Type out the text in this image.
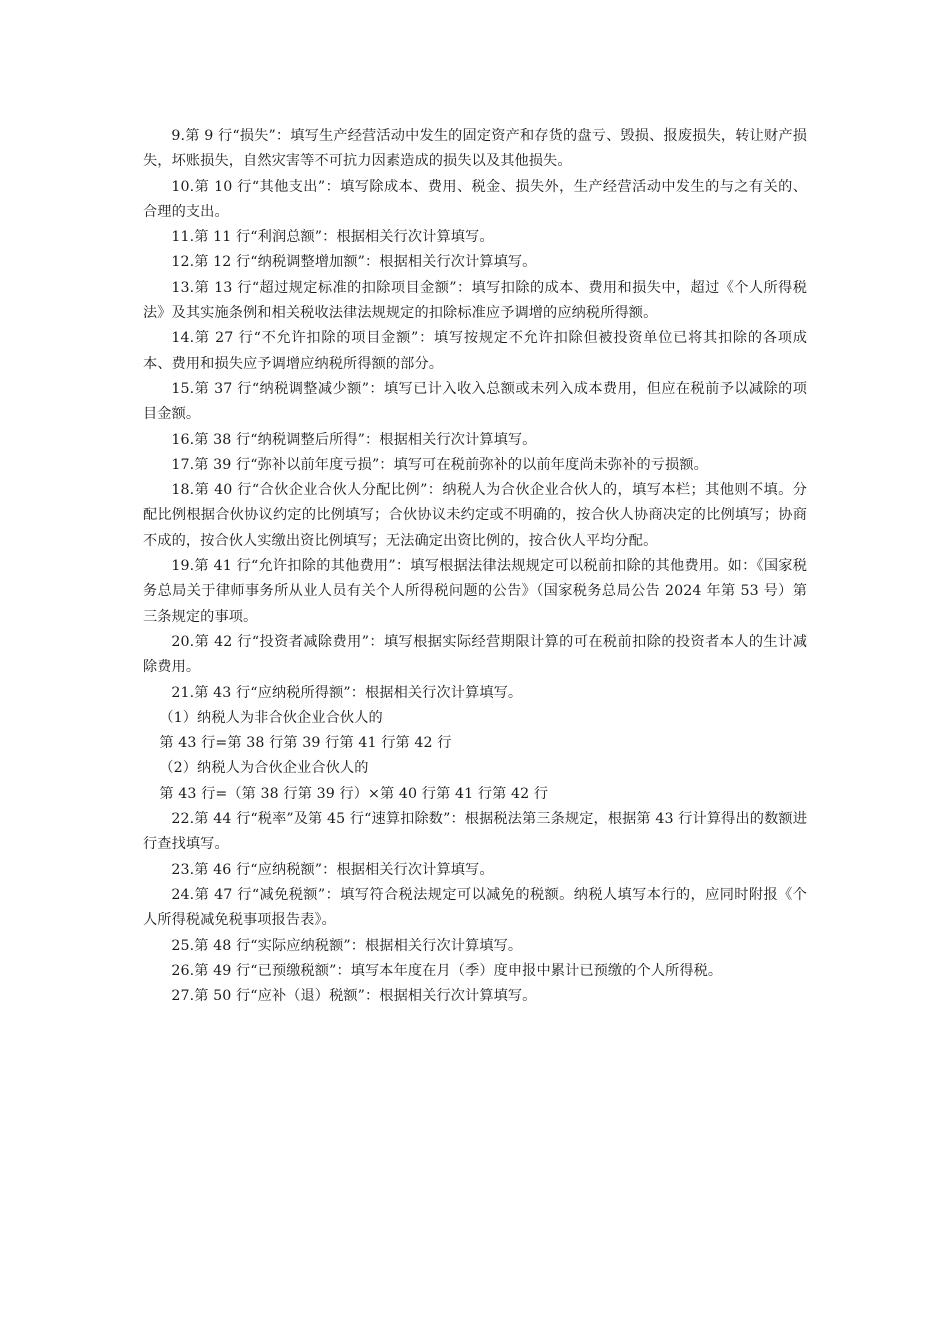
9.第 9 行“损失”：填写生产经营活动中发生的固定资产和存货的盘亏、毁损、报废损失，转让财产损失，坏账损失，自然灾害等不可抗力因素造成的损失以及其他损失。

10.第 10 行“其他支出”：填写除成本、费用、税金、损失外，生产经营活动中发生的与之有关的、合理的支出。

11.第 11 行“利润总额”：根据相关行次计算填写。

12.第 12 行“纳税调整增加额”：根据相关行次计算填写。

13.第 13 行“超过规定标准的扣除项目金额”：填写扣除的成本、费用和损失中，超过《个人所得税法》及其实施条例和相关税收法律法规规定的扣除标准应予调增的应纳税所得额。

14.第 27 行“不允许扣除的项目金额”：填写按规定不允许扣除但被投资单位已将其扣除的各项成本、费用和损失应予调增应纳税所得额的部分。

15.第 37 行“纳税调整减少额”：填写已计入收入总额或未列入成本费用，但应在税前予以减除的项目金额。

16.第 38 行“纳税调整后所得”：根据相关行次计算填写。

17.第 39 行“弥补以前年度亏损”：填写可在税前弥补的以前年度尚未弥补的亏损额。

18.第 40 行“合伙企业合伙人分配比例”：纳税人为合伙企业合伙人的，填写本栏；其他则不填。分配比例根据合伙协议约定的比例填写；合伙协议未约定或不明确的，按合伙人协商决定的比例填写；协商不成的，按合伙人实缴出资比例填写；无法确定出资比例的，按合伙人平均分配。

19.第 41 行“允许扣除的其他费用”：填写根据法律法规规定可以税前扣除的其他费用。如：《国家税务总局关于律师事务所从业人员有关个人所得税问题的公告》（国家税务总局公告 2024 年第 53 号）第三条规定的事项。

20.第 42 行“投资者减除费用”：填写根据实际经营期限计算的可在税前扣除的投资者本人的生计减除费用。

21.第 43 行“应纳税所得额”：根据相关行次计算填写。

（1）纳税人为非合伙企业合伙人的

第 43 行=第 38 行第 39 行第 41 行第 42 行

（2）纳税人为合伙企业合伙人的

第 43 行=（第 38 行第 39 行）×第 40 行第 41 行第 42 行

22.第 44 行“税率”及第 45 行“速算扣除数”：根据税法第三条规定，根据第 43 行计算得出的数额进行查找填写。

23.第 46 行“应纳税额”：根据相关行次计算填写。

24.第 47 行“减免税额”：填写符合税法规定可以减免的税额。纳税人填写本行的，应同时附报《个人所得税减免税事项报告表》。

25.第 48 行“实际应纳税额”：根据相关行次计算填写。

26.第 49 行“已预缴税额”：填写本年度在月（季）度申报中累计已预缴的个人所得税。

27.第 50 行“应补（退）税额”：根据相关行次计算填写。
